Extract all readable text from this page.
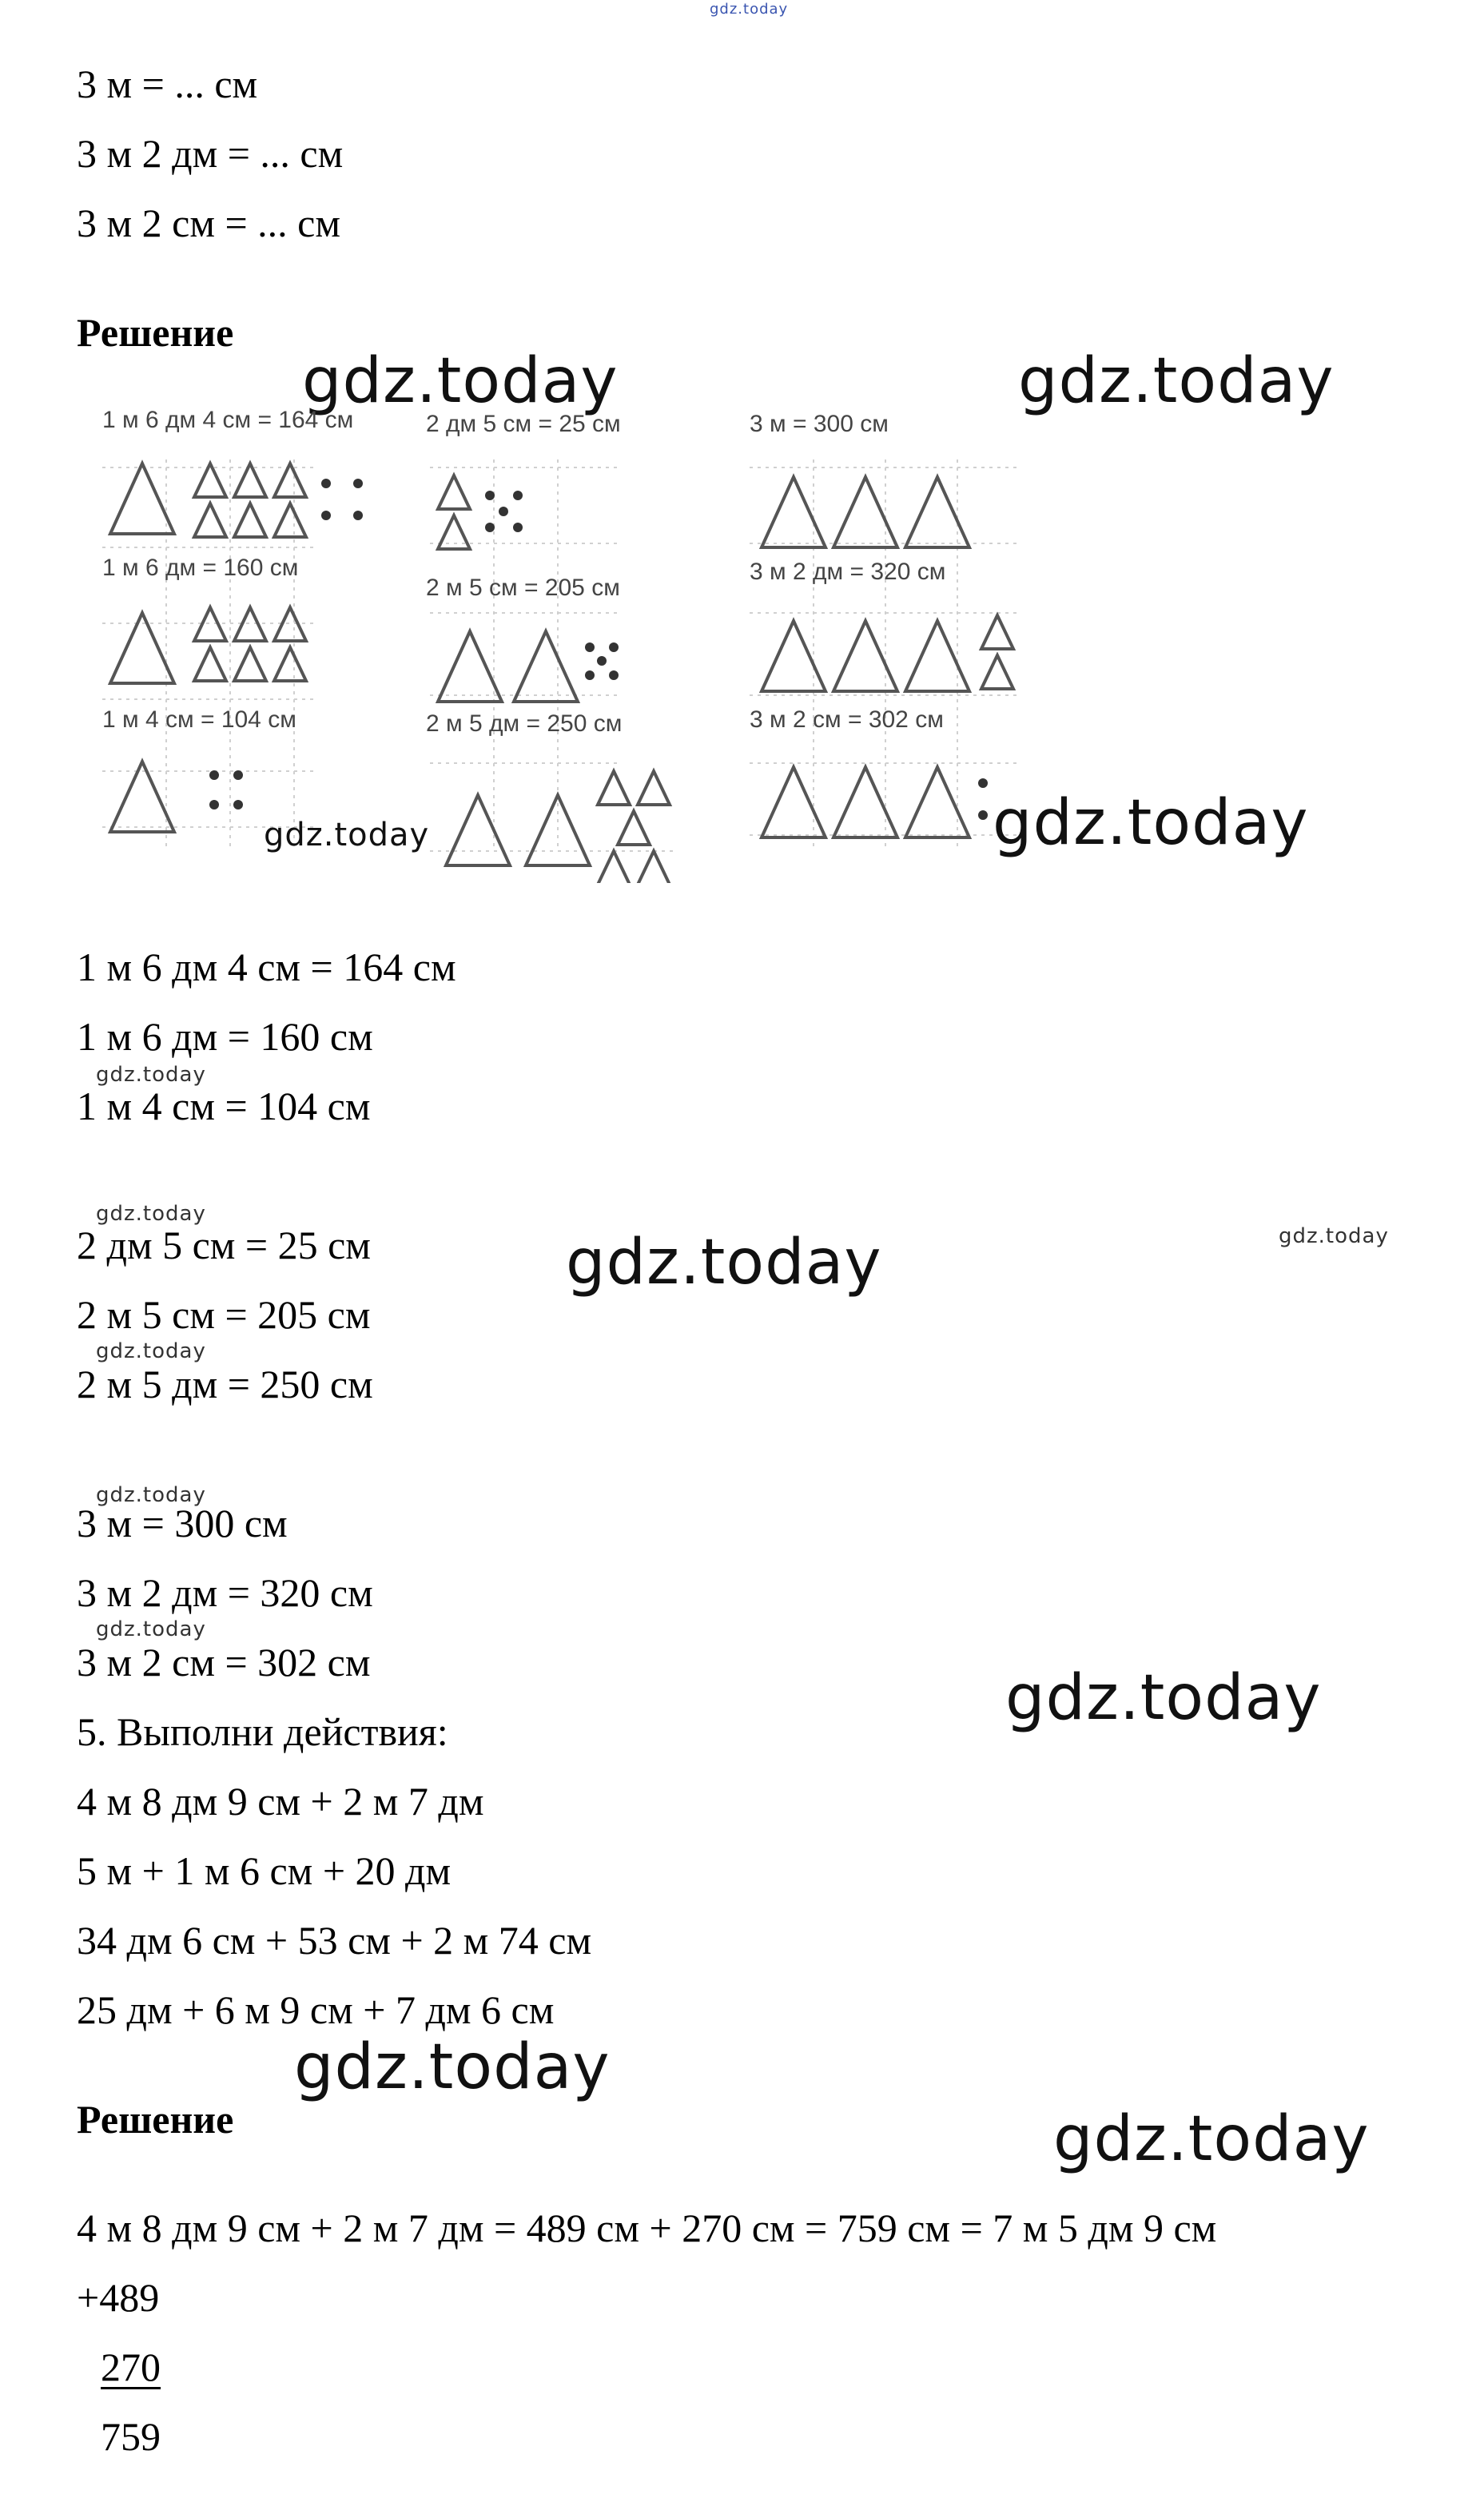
gdz.today

3 м = ... см

3 м 2 дм = ... см

3 м 2 см = ... см

Решение

gdz.today	gdz.today
1 м 6 дм 4 см = 164 см
1 м 6 дм = 160 см
1 м 4 см = 104 см
2 дм 5 см = 25 см
2 м 5 см = 205 см
2 м 5 дм = 250 см
3 м = 300 см
3 м 2 дм = 320 см
3 м 2 см = 302 см
gdz.today	gdz.today

1 м 6 дм 4 см = 164 см

1 м 6 дм = 160 см

gdz.today

1 м 4 см = 104 см

gdz.today

2 дм 5 см = 25 см	gdz.today	gdz.today

2 м 5 см = 205 см

gdz.today

2 м 5 дм = 250 см

gdz.today

3 м = 300 см

3 м 2 дм = 320 см

gdz.today

3 м 2 см = 302 см	gdz.today

5. Выполни действия:

4 м 8 дм 9 см + 2 м 7 дм

5 м + 1 м 6 см + 20 дм

34 дм 6 см + 53 см + 2 м 74 см

25 дм + 6 м 9 см + 7 дм 6 см

gdz.today

Решение	gdz.today

4 м 8 дм 9 см + 2 м 7 дм = 489 см + 270 см = 759 см = 7 м 5 дм 9 см

+489

270

759
